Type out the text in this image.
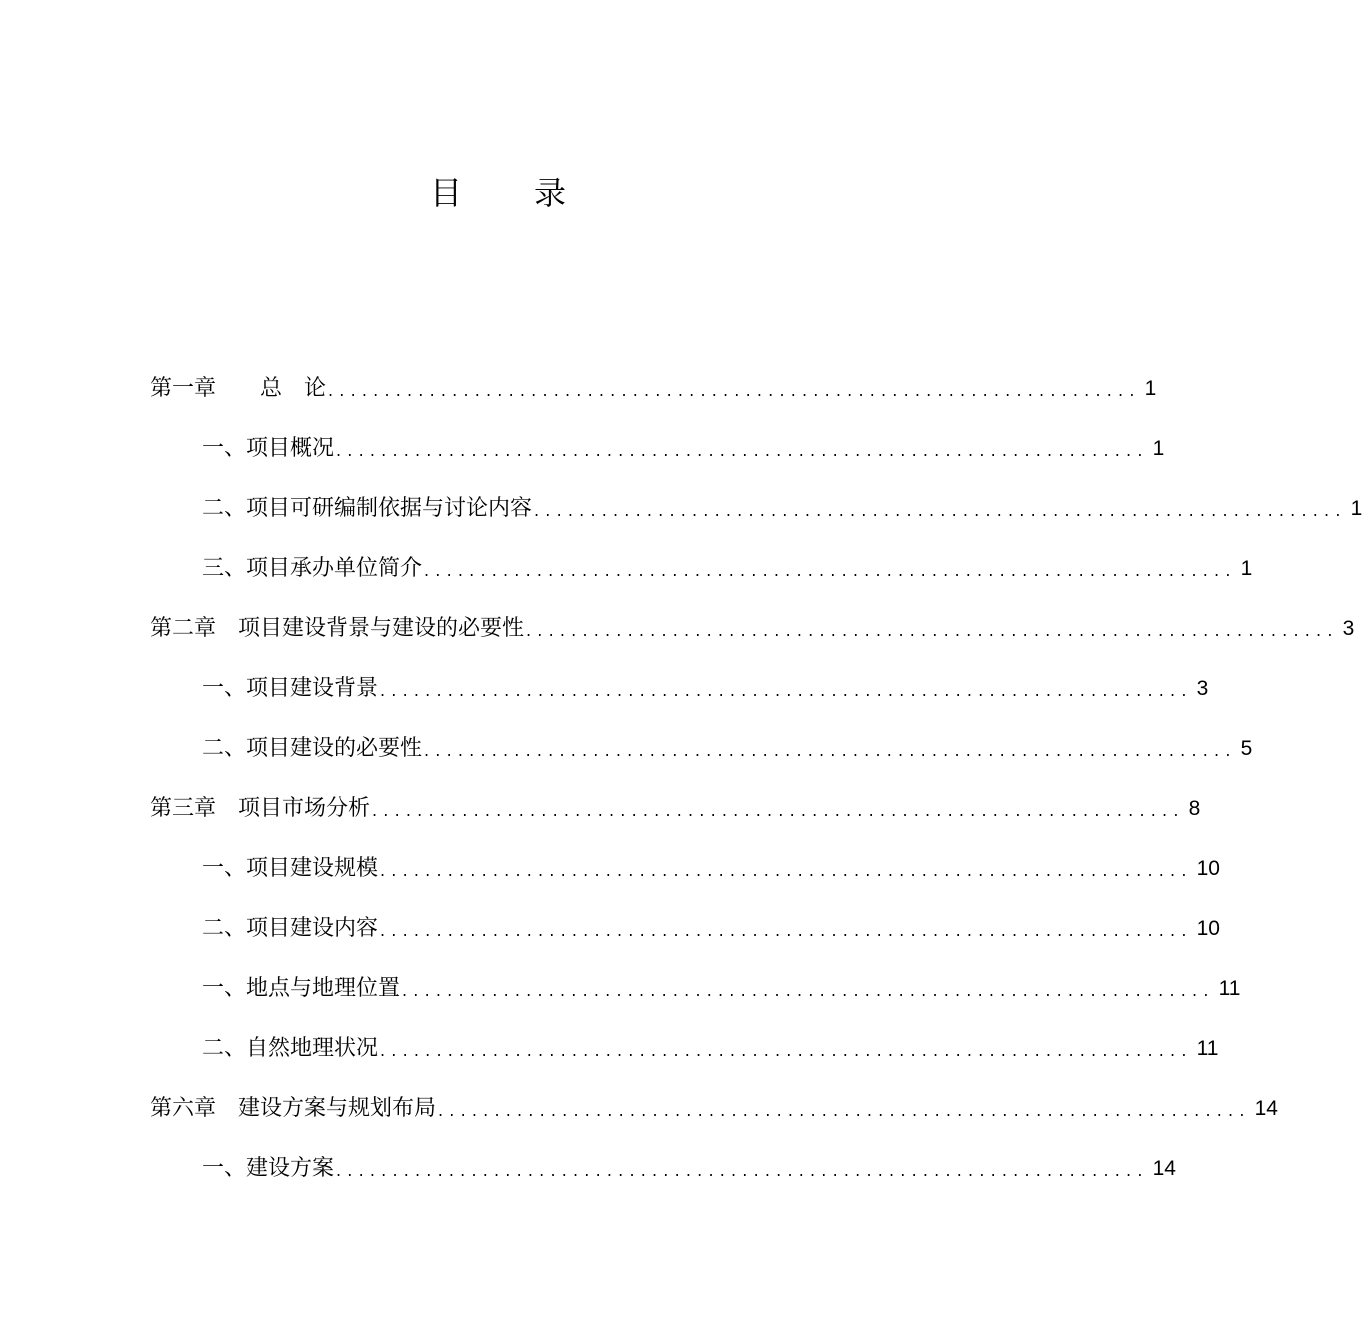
目 录
第一章　　总　论 ........................................................................ 1
一、项目概况 ........................................................................ 1
二、项目可研编制依据与讨论内容 ........................................................................ 1
三、项目承办单位简介 ........................................................................ 1
第二章　项目建设背景与建设的必要性 ........................................................................ 3
一、项目建设背景 ........................................................................ 3
二、项目建设的必要性 ........................................................................ 5
第三章　项目市场分析 ........................................................................ 8
一、项目建设规模 ........................................................................ 10
二、项目建设内容 ........................................................................ 10
一、地点与地理位置 ........................................................................ 11
二、自然地理状况 ........................................................................ 11
第六章　建设方案与规划布局 ........................................................................ 14
一、建设方案 ........................................................................ 14
